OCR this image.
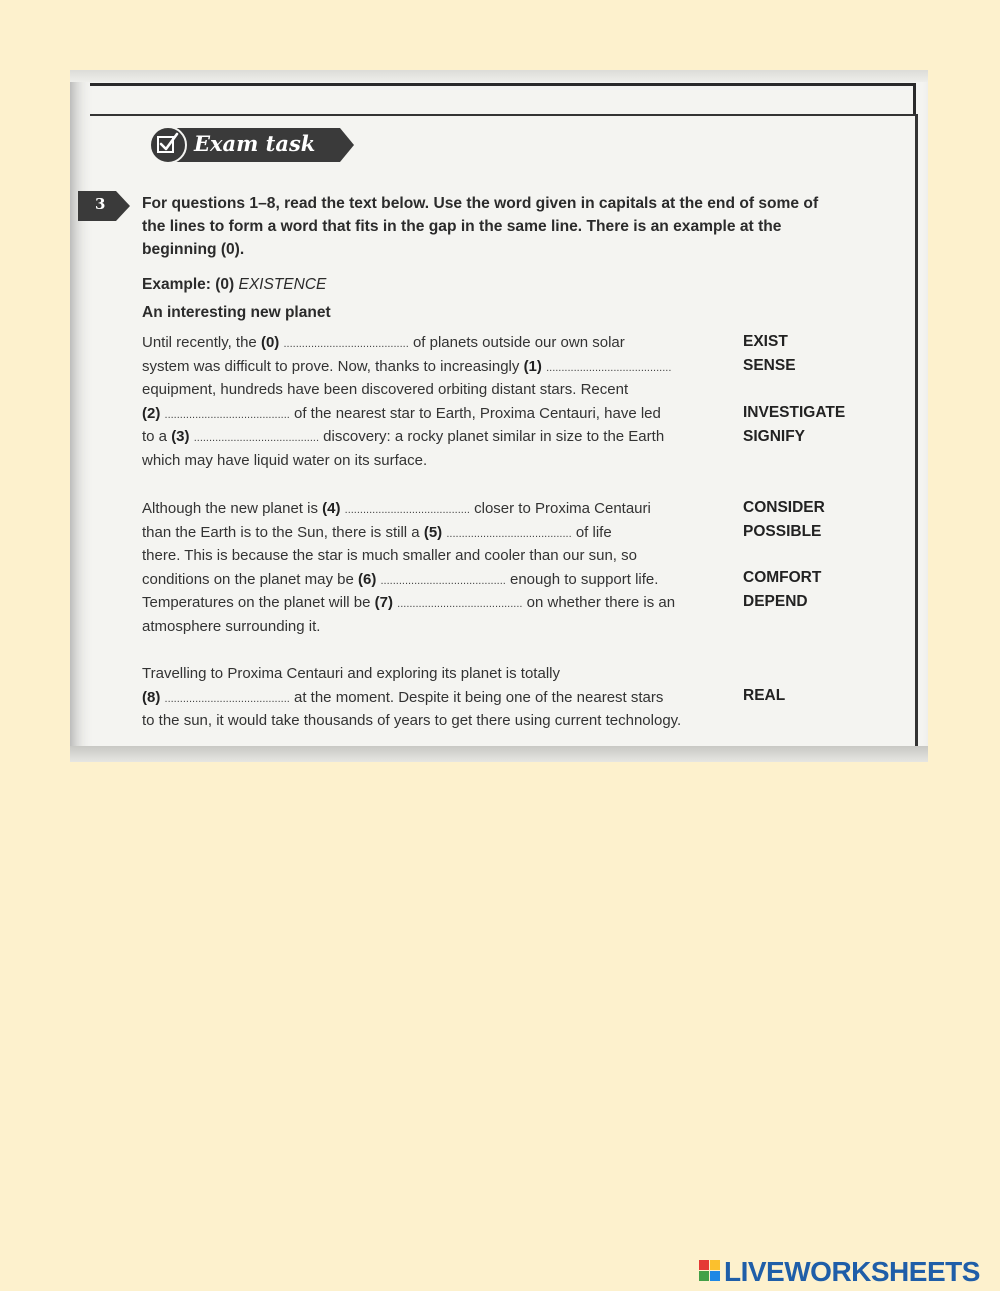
Exam task
3 For questions 1–8, read the text below. Use the word given in capitals at the end of some of the lines to form a word that fits in the gap in the same line. There is an example at the beginning (0).
Example: (0) EXISTENCE
An interesting new planet
Until recently, the (0) ......................................... of planets outside our own solar
system was difficult to prove. Now, thanks to increasingly (1) .........................................
equipment, hundreds have been discovered orbiting distant stars. Recent
(2) ......................................... of the nearest star to Earth, Proxima Centauri, have led
to a (3) ......................................... discovery: a rocky planet similar in size to the Earth
which may have liquid water on its surface.
Although the new planet is (4) ......................................... closer to Proxima Centauri
than the Earth is to the Sun, there is still a (5) ......................................... of life
there. This is because the star is much smaller and cooler than our sun, so
conditions on the planet may be (6) ......................................... enough to support life.
Temperatures on the planet will be (7) ......................................... on whether there is an
atmosphere surrounding it.
Travelling to Proxima Centauri and exploring its planet is totally
(8) ......................................... at the moment. Despite it being one of the nearest stars
to the sun, it would take thousands of years to get there using current technology.
EXIST
SENSE
INVESTIGATE
SIGNIFY
CONSIDER
POSSIBLE
COMFORT
DEPEND
REAL
LIVEWORKSHEETS
